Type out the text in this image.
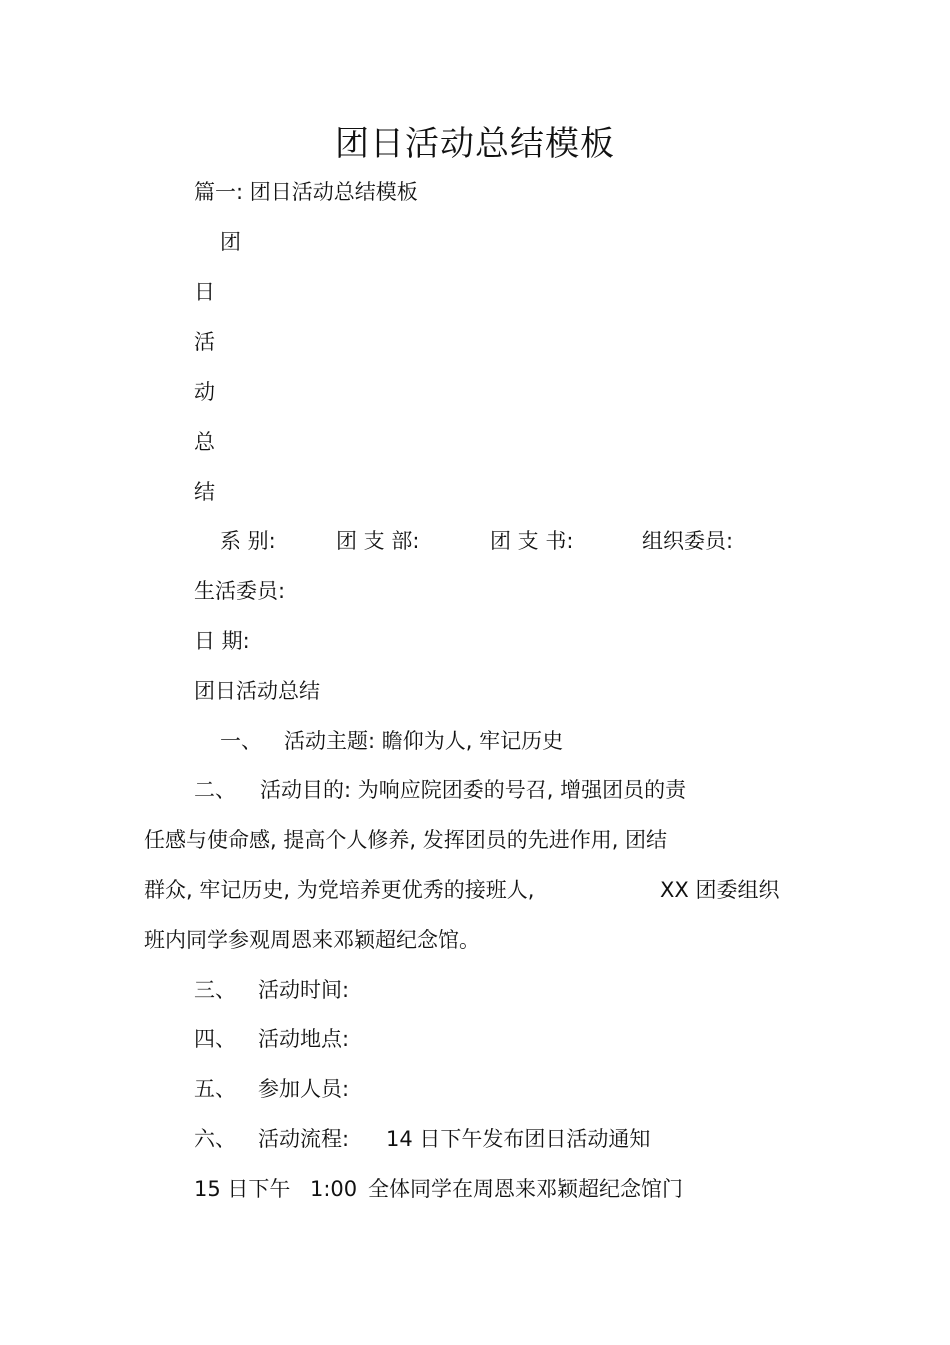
团日活动总结模板
篇一: 团日活动总结模板
团
日
活
动
总
结
系 别:	团 支 部:	团 支 书:	组织委员:
生活委员:
日 期:
团日活动总结
一、 活动主题: 瞻仰为人, 牢记历史
二、 活动目的: 为响应院团委的号召, 增强团员的责
任感与使命感, 提高个人修养, 发挥团员的先进作用, 团结
群众, 牢记历史, 为党培养更优秀的接班人,	XX 团委组织
班内同学参观周恩来邓颖超纪念馆。
三、 活动时间:
四、 活动地点:
五、 参加人员:
六、 活动流程: 14 日下午发布团日活动通知
15 日下午 1:00 全体同学在周恩来邓颖超纪念馆门
